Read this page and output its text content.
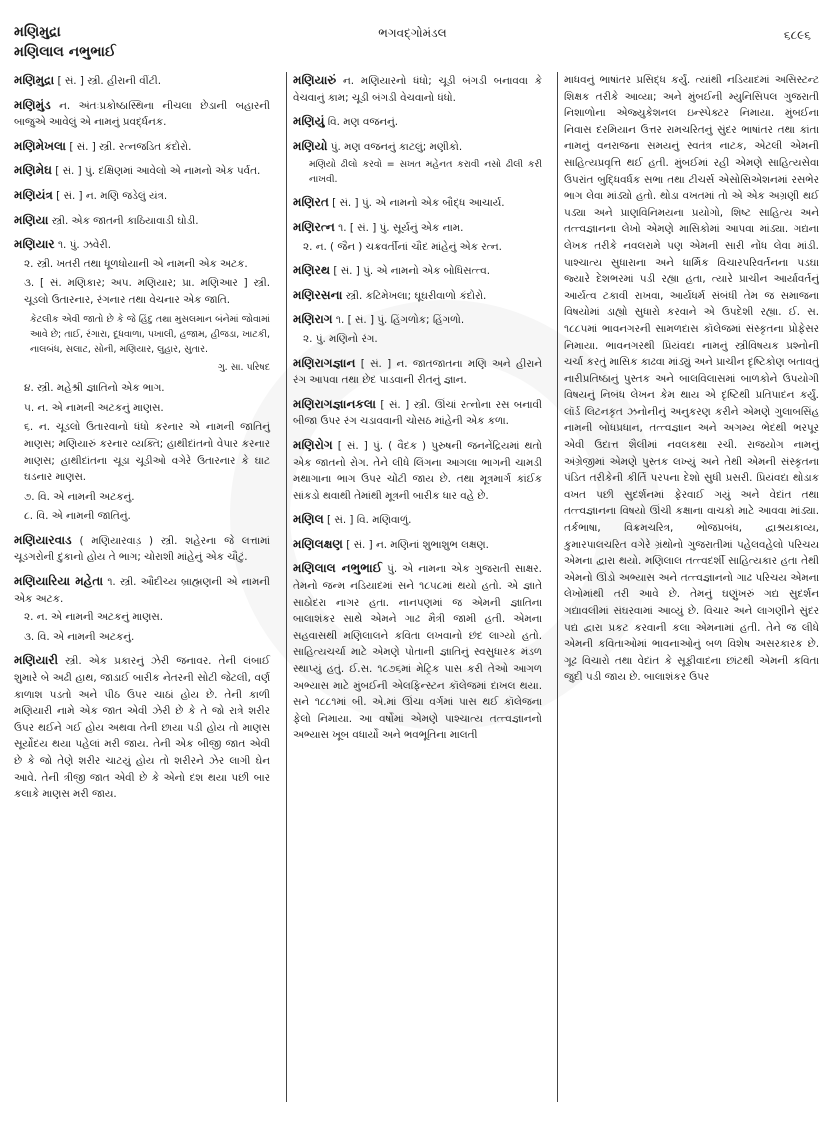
મણિમુદ્રા
મણિલાલ નભુભાઈ
ભગવદ્ગોમંડલ	૬૮૯૬
મણિમુદ્રા [ સં. ] સ્ત્રી. હીરાની વીંટી.
મણિમુંડ ન. અંતઃપ્રકોષ્ઠાસ્થિના નીચલા છેડાની બહારની બાજુએ આવેલું એ નામનું પ્રવર્દ્ધનક.
મણિમેખલા [ સં. ] સ્ત્રી. રત્નજડિત કંદોરો.
મણિમેઘ [ સં. ] પું. દક્ષિણમાં આવેલો એ નામનો એક પર્વત.
મણિયંત્ર [ સં. ] ન. મણિ જડેલું યંત્ર.
મણિયા સ્ત્રી. એક જાતની કાઠિયાવાડી ઘોડી.
મણિયાર ૧. પું. ઝવેરી.
૨. સ્ત્રી. ખતરી તથા ધૂળધોયાની એ નામની એક અટક.
૩. [ સં. મણિકાર; અપ. મણિયાર; પ્રા. મણિઆર ] સ્ત્રી. ચૂડલો ઉતારનાર, રંગનાર તથા વેચનાર એક જાતિ.
કેટલીક એવી જાતો છે કે જે હિંદુ તથા મુસલમાન બંનેમાં જોવામાં આવે છે; તાઈ, રંગારા, દૂધવાળા, પખાલી, હજામ, હીજડા, ખાટકી, નાલબંધ, સલાટ, સોની, મણિયાર, લુહાર, સુતાર.
ગુ. સા. પરિષદ
૪. સ્ત્રી. મહેશ્રી જ્ઞાતિનો એક ભાગ.
૫. ન. એ નામની અટકનું માણસ.
૬. ન. ચૂડલો ઉતારવાનો ધંધો કરનાર એ નામની જાતિનું માણસ; મણિયારું કરનાર વ્યક્તિ; હાથીદાંતનો વેપાર કરનાર માણસ; હાથીદાંતના ચૂડા ચૂડીઓ વગેરે ઉતારનાર કે ઘાટ ઘડનાર માણસ.
૭. વિ. એ નામની અટકનું.
૮. વિ. એ નામની જાતિનું.
મણિયારવાડ ( મણિયારવાડ઼ ) સ્ત્રી. શહેરના જે લત્તામાં ચૂડગરોની દુકાનો હોય તે ભાગ; ચોરાશી માંહેનું એક ચૌટું.
મણિયારિયા મહેતા ૧. સ્ત્રી. ઔદીચ્ય બ્રાહ્મણની એ નામની એક અટક.
૨. ન. એ નામની અટકનું માણસ.
૩. વિ. એ નામની અટકનું.
મણિયારી સ્ત્રી. એક પ્રકારનું ઝેરી જનાવર. તેની લંબાઈ શુમારે બે અઢી હાથ, જાડાઈ બારીક નેતરની સોટી જેટલી, વર્ણ કાળાશ પડતો અને પીઠ ઉપર ચાઠાં હોય છે. તેની કાળી મણિયારી નામે એક જાત એવી ઝેરી છે કે તે જો રાત્રે શરીર ઉપર થઈને ગઈ હોય અથવા તેની છાયા પડી હોય તો માણસ સૂર્યોદય થયા પહેલાં મરી જાય. તેની એક બીજી જાત એવી છે કે જો તેણે શરીર ચાટયું હોય તો શરીરને ઝેર લાગી ઘેન આવે. તેની ત્રીજી જાત એવી છે કે એનો દશ થયા પછી બાર કલાકે માણસ મરી જાય.
મણિયારું ન. મણિયારનો ધંધો; ચૂડી બંગડી બનાવવા કે વેચવાનું કામ; ચૂડી બંગડી વેચવાનો ધંધો.
મણિયું વિ. મણ વજનનું.
મણિયો પું. મણ વજનનું કાટલું; મણીકો.
મણિયો ઢીલો કરવો = સખત મહેનત કરાવી નસો ઢીલી કરી નાખવી.
મણિરત [ સં. ] પું. એ નામનો એક બૌદ્ધ આચાર્ય.
મણિરત્ન ૧. [ સં. ] પું. સૂર્યનું એક નામ.
૨. ન. ( જૈન ) ચક્રવર્તીનાં ચૌદ માંહેનું એક રત્ન.
મણિરથ [ સં. ] પું. એ નામનો એક બોધિસત્ત્વ.
મણિરસના સ્ત્રી. કટિમેખલા; ઘૂઘરીવાળો કંદોરો.
મણિરાગ ૧. [ સં. ] પું. હિંગળોક; હિંગળો.
૨. પું. મણિનો રંગ.
મણિરાગજ્ઞાન [ સં. ] ન. જાતજાતના મણિ અને હીરાને રંગ આપવા તથા છેદ પાડવાની રીતનું જ્ઞાન.
મણિરાગજ્ઞાનકલા [ સં. ] સ્ત્રી. ઊંચાં રત્નોના રસ બનાવી બીજા ઉપર રંગ ચડાવવાની ચોસઠ માંહેની એક કળા.
મણિરોગ [ સં. ] પું. ( વૈદક ) પુરુષની જનનેંદ્રિયમાં થતો એક જાતનો રોગ. તેને લીધે લિંગના આગલા ભાગની ચામડી મથાગાના ભાગ ઉપર ચોંટી જાય છે. તથા મૂત્રમાર્ગ કાંઈક સાંકડો થવાથી તેમાંથી મૂત્રની બારીક ધાર વહે છે.
મણિલ [ સં. ] વિ. મણિવાળું.
મણિલક્ષણ [ સં. ] ન. મણિનાં શુભાશુભ લક્ષણ.
મણિલાલ નભુભાઈ પું. એ નામના એક ગુજરાતી સાક્ષર. તેમનો જન્મ નડિયાદમાં સને ૧૮૫૮માં થયો હતો. એ જ્ઞાતે સાઠોદરા નાગર હતા. નાનપણમાં જ એમની જ્ઞાતિના બાલાશંકર સાથે એમને ગાઢ મૈત્રી જામી હતી. એમના સહવાસથી મણિલાલને કવિતા લખવાનો છંદ લાગ્યો હતો. સાહિત્યચર્ચા માટે એમણે પોતાની જ્ઞાતિનું સ્વસુધારક મંડળ સ્થાપ્યું હતું. ઈ.સ. ૧૮૭૬માં મેટ્રિક પાસ કરી તેઓ આગળ અભ્યાસ માટે મુંબઈની એલફિન્સ્ટન કૉલેજમાં દાખલ થયા. સને ૧૮૮૧માં બી. એ.માં ઊંચા વર્ગમાં પાસ થઈ કૉલેજના ફેલો નિમાયા. આ વર્ષોમાં એમણે પાશ્ચાત્ય તત્ત્વજ્ઞાનનો અભ્યાસ ખૂબ વધાર્યો અને ભવભૂતિના માલતી
માધવનું ભાષાંતર પ્રસિદ્ધ કર્યું. ત્યાંથી નડિયાદમાં અસિસ્ટન્ટ શિક્ષક તરીકે આવ્યા; અને મુંબઈની મ્યુનિસિપલ ગુજરાતી નિશાળોના એજ્યુકેશનલ ઇન્સ્પેક્ટર નિમાયા. મુંબઈના નિવાસ દરમિયાન ઉત્તર રામચરિતનું સુંદર ભાષાંતર તથા કાંતા નામનું વનરાજના સમયનું સ્વતંત્ર નાટક, એટલી એમની સાહિત્યપ્રવૃત્તિ થઈ હતી. મુંબઈમાં રહી એમણે સાહિત્યસેવા ઉપરાંત બુદ્ધિવર્ધક સભા તથા ટીચર્સ એસોસિએશનમાં રસભેર ભાગ લેવા માંડ્યો હતો. થોડા વખતમાં તો એ એક અગ્રણી થઈ પડ્યા અને પ્રાણવિનિમયના પ્રયોગો, શિષ્ટ સાહિત્ય અને તત્ત્વજ્ઞાનના લેખો એમણે માસિકોમાં આપવા માંડ્યા. ગદ્યના લેખક તરીકે નવલરામે પણ એમની સારી નોંધ લેવા માંડી. પાશ્ચાત્ય સુધારાના અને ધાર્મિક વિચારપરિવર્તનના પડઘા જ્યારે દેશભરમાં પડી રહ્યા હતા, ત્યારે પ્રાચીન આર્યાવર્તનું આર્યત્વ ટકાવી રાખવા, આર્યધર્મ સંબંધી તેમ જ સમાજના વિષયોમાં ડાહ્યો સુધારો કરવાને એ ઉપદેશી રહ્યા. ઈ. સ. ૧૮૮૫માં ભાવનગરની સામળદાસ કૉલેજમાં સંસ્કૃતના પ્રોફેસર નિમાયા. ભાવનગરથી પ્રિયંવદા નામનું સ્ત્રીવિષયક પ્રશ્નોની ચર્ચા કરતું માસિક કાઢવા માંડ્યું અને પ્રાચીન દૃષ્ટિકોણ બતાવતું નારીપ્રતિષ્ઠાનું પુસ્તક અને બાલવિલાસમાં બાળકોને ઉપયોગી વિષયનું નિબંધ લેખન કેમ થાય એ દૃષ્ટિથી પ્રતિપાદન કર્યું. લૉર્ડ લિટનકૃત ઝનોનીનું અનુકરણ કરીને એમણે ગુલાબસિંહ નામની બોધપ્રધાન, તત્ત્વજ્ઞાન અને અગમ્ય ભેદથી ભરપૂર એવી ઉદાત્ત શૈલીમાં નવલકથા રચી. રાજયોગ નામનું અંગ્રેજીમાં એમણે પુસ્તક લખ્યું અને તેથી એમની સંસ્કૃતના પંડિત તરીકેની કીર્તિ પરપના દેશો સુધી પ્રસરી. પ્રિયંવદા થોડાક વખત પછી સુદર્શનમાં ફેરવાઈ ગયું અને વેદાંત તથા તત્ત્વજ્ઞાનના વિષયો ઊંચી કક્ષાના વાચકો માટે આવવા માંડ્યા. તર્કભાષા, વિક્રમચરિત્ર, ભોજપ્રબંધ, દ્વાશ્રયકાવ્ય, કુમારપાલચરિત વગેરે ગ્રંથોનો ગુજરાતીમાં પહેલવહેલો પરિચય એમના દ્વારા થયો. મણિલાલ તત્ત્વદર્શી સાહિત્યકાર હતા તેથી એમનો ઊંડો અભ્યાસ અને તત્ત્વજ્ઞાનનો ગાઢ પરિચય એમના લેખોમાંથી તરી આવે છે. તેમનું ઘણુંખરું ગદ્ય સુદર્શન ગદ્યાવલીમાં સંઘરવામાં આવ્યું છે. વિચાર અને લાગણીને સુંદર પદ્ય દ્વારા પ્રકટ કરવાની કલા એમનામાં હતી. તેને જ લીધે એમની કવિતાઓમાં ભાવનાઓનું બળ વિશેષ અસરકારક છે. ગૂઢ વિચારો તથા વેદાંત કે સૂફીવાદના છાંટથી એમની કવિતા જુદી પડી જાય છે. બાલાશંકર ઉપર
